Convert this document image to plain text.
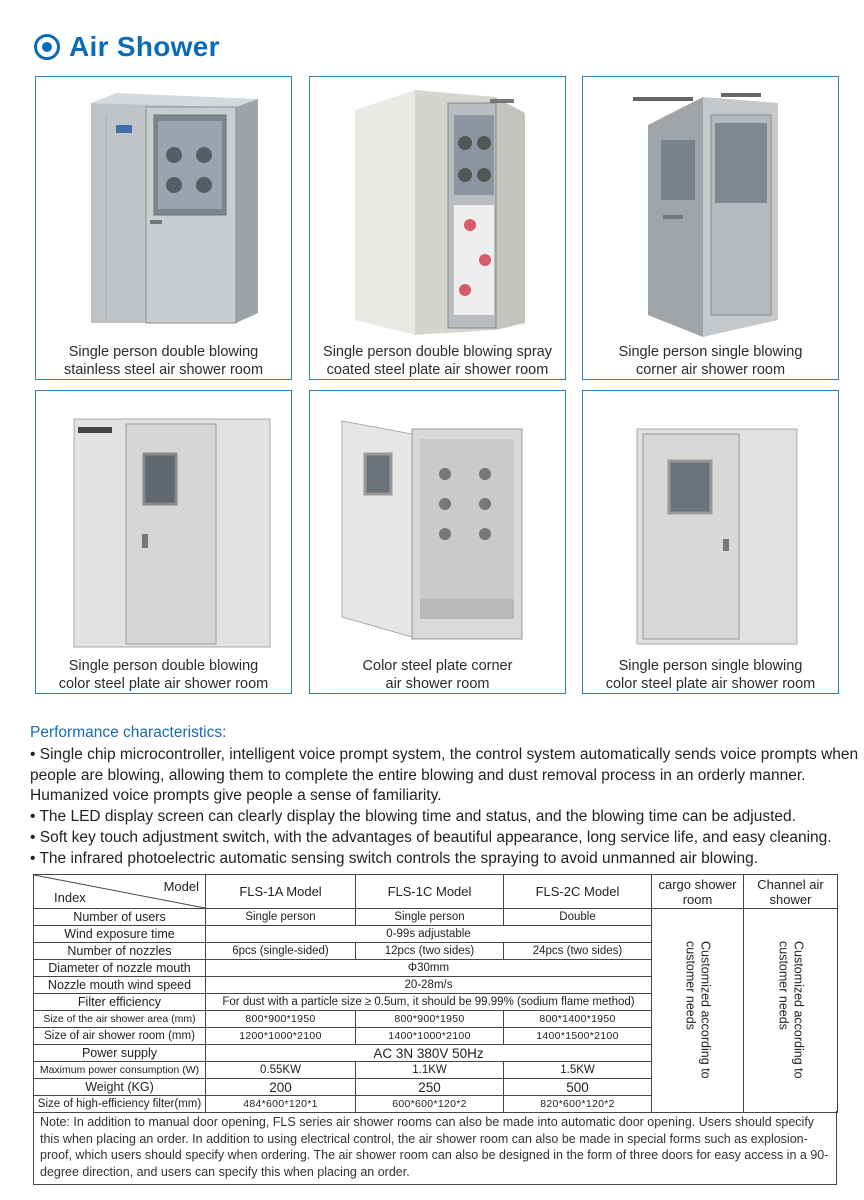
Air Shower
Single person double blowing
stainless steel air shower room
Single person double blowing spray
coated steel plate air shower room
Single person single blowing
corner air shower room
Single person double blowing
color steel plate air shower room
Color steel plate corner
air shower room
Single person single blowing
color steel plate air shower room
Performance characteristics:
• Single chip microcontroller, intelligent voice prompt system, the control system automatically sends voice prompts when people are blowing, allowing them to complete the entire blowing and dust removal process in an orderly manner. Humanized voice prompts give people a sense of familiarity.
• The LED display screen can clearly display the blowing time and status, and the blowing time can be adjusted.
• Soft key touch adjustment switch, with the advantages of beautiful appearance, long service life, and easy cleaning.
• The infrared photoelectric automatic sensing switch controls the spraying to avoid unmanned air blowing.
Model
Index	FLS-1A Model	FLS-1C Model	FLS-2C Model	cargo shower room	Channel air shower
Number of users	Single person	Single person	Double	Customized according to customer needs	Customized according to customer needs

Wind exposure time	0-99s adjustable				
Number of nozzles	6pcs (single-sided)	12pcs (two sides)	24pcs (two sides)		
Diameter of nozzle mouth	Φ30mm				
Nozzle mouth wind speed	20-28m/s				
Filter efficiency	For dust with a particle size ≥ 0.5um, it should be 99.99% (sodium flame method)				
Size of the air shower area (mm)	800*900*1950	800*900*1950	800*1400*1950		
Size of air shower room (mm)	1200*1000*2100	1400*1000*2100	1400*1500*2100		
Power supply	AC 3N 380V 50Hz				
Maximum power consumption (W)	0.55KW	1.1KW	1.5KW		
Weight (KG)	200	250	500		
Size of high-efficiency filter(mm)	484*600*120*1	600*600*120*2	820*600*120*2		
Note: In addition to manual door opening, FLS series air shower rooms can also be made into automatic door opening. Users should specify this when placing an order. In addition to using electrical control, the air shower room can also be made in special forms such as explosion-proof, which users should specify when ordering. The air shower room can also be designed in the form of three doors for easy access in a 90-degree direction, and users can specify this when placing an order.
